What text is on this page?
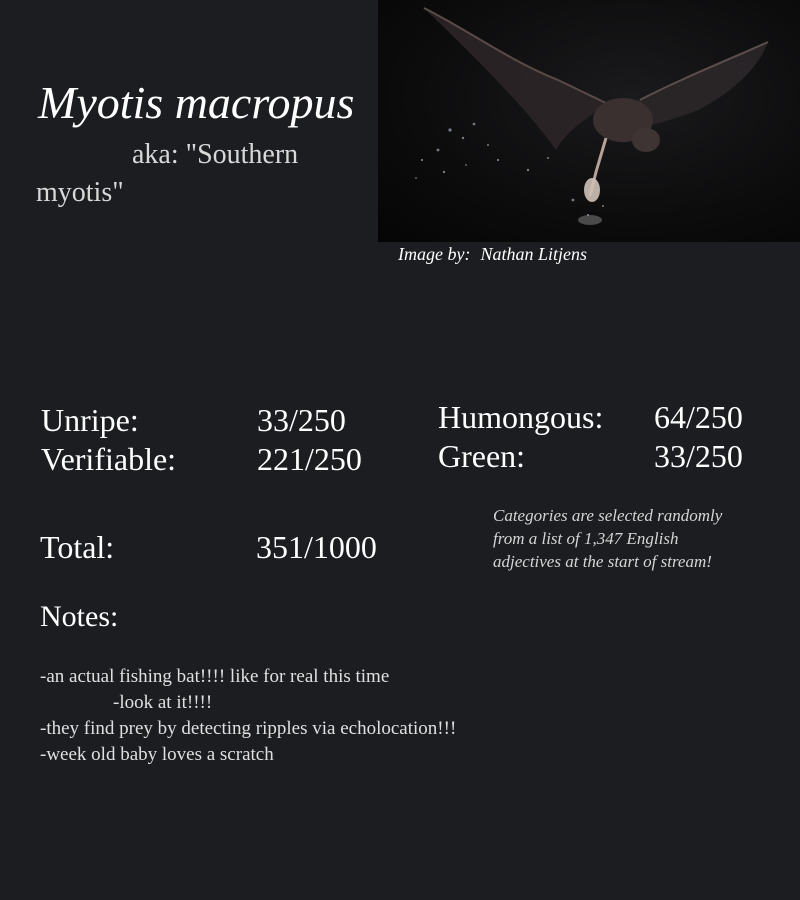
Myotis macropus
aka: "Southern myotis"
Image by: Nathan Litjens
Unripe:	33/250
Verifiable:	221/250
Humongous: 64/250
Green:	33/250
Total:	351/1000
Categories are selected randomly from a list of 1,347 English adjectives at the start of stream!
Notes:
-an actual fishing bat!!!! like for real this time
-look at it!!!!
-they find prey by detecting ripples via echolocation!!!
-week old baby loves a scratch
